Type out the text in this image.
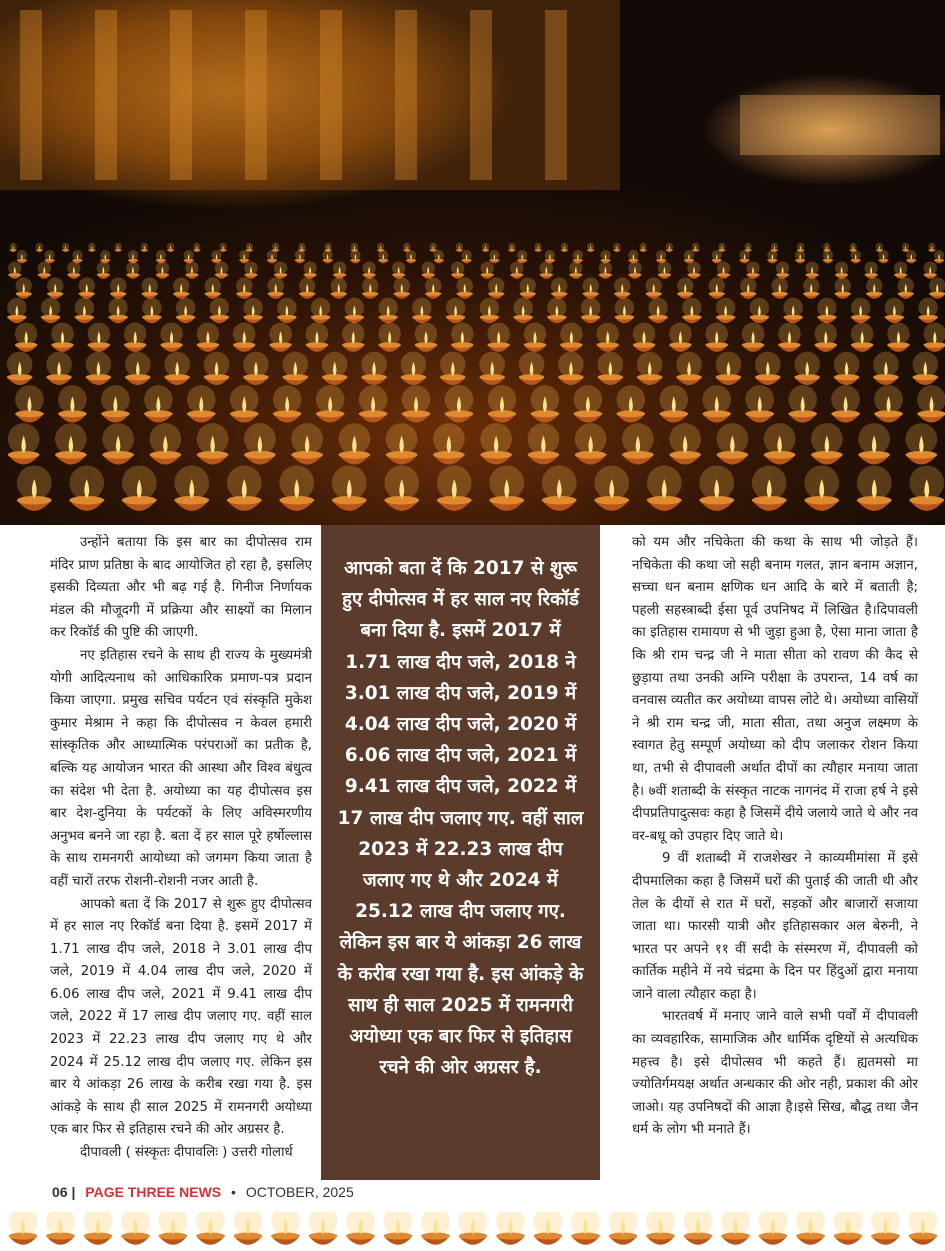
उन्होंने बताया कि इस बार का दीपोत्सव राम मंदिर प्राण प्रतिष्ठा के बाद आयोजित हो रहा है, इसलिए इसकी दिव्यता और भी बढ़ गई है. गिनीज निर्णायक मंडल की मौजूदगी में प्रक्रिया और साक्ष्यों का मिलान कर रिकॉर्ड की पुष्टि की जाएगी.

नए इतिहास रचने के साथ ही राज्य के मुख्यमंत्री योगी आदित्यनाथ को आधिकारिक प्रमाण-पत्र प्रदान किया जाएगा. प्रमुख सचिव पर्यटन एवं संस्कृति मुकेश कुमार मेश्राम ने कहा कि दीपोत्सव न केवल हमारी सांस्कृतिक और आध्यात्मिक परंपराओं का प्रतीक है, बल्कि यह आयोजन भारत की आस्था और विश्व बंधुत्व का संदेश भी देता है. अयोध्या का यह दीपोत्सव इस बार देश-दुनिया के पर्यटकों के लिए अविस्मरणीय अनुभव बनने जा रहा है. बता दें हर साल पूरे हर्षोल्लास के साथ रामनगरी आयोध्या को जगमग किया जाता है वहीं चारों तरफ रोशनी-रोशनी नजर आती है.

आपको बता दें कि 2017 से शुरू हुए दीपोत्सव में हर साल नए रिकॉर्ड बना दिया है. इसमें 2017 में 1.71 लाख दीप जले, 2018 ने 3.01 लाख दीप जले, 2019 में 4.04 लाख दीप जले, 2020 में 6.06 लाख दीप जले, 2021 में 9.41 लाख दीप जले, 2022 में 17 लाख दीप जलाए गए. वहीं साल 2023 में 22.23 लाख दीप जलाए गए थे और 2024 में 25.12 लाख दीप जलाए गए. लेकिन इस बार ये आंकड़ा 26 लाख के करीब रखा गया है. इस आंकड़े के साथ ही साल 2025 में रामनगरी अयोध्या एक बार फिर से इतिहास रचने की ओर अग्रसर है.

दीपावली ( संस्कृतः दीपावलिः ) उत्तरी गोलार्ध

आपको बता दें कि 2017 से शुरू हुए दीपोत्सव में हर साल नए रिकॉर्ड बना दिया है. इसमें 2017 में 1.71 लाख दीप जले, 2018 ने 3.01 लाख दीप जले, 2019 में 4.04 लाख दीप जले, 2020 में 6.06 लाख दीप जले, 2021 में 9.41 लाख दीप जले, 2022 में 17 लाख दीप जलाए गए. वहीं साल 2023 में 22.23 लाख दीप जलाए गए थे और 2024 में 25.12 लाख दीप जलाए गए. लेकिन इस बार ये आंकड़ा 26 लाख के करीब रखा गया है. इस आंकड़े के साथ ही साल 2025 में रामनगरी अयोध्या एक बार फिर से इतिहास रचने की ओर अग्रसर है.

को यम और नचिकेता की कथा के साथ भी जोड़ते हैं। नचिकेता की कथा जो सही बनाम गलत, ज्ञान बनाम अज्ञान, सच्चा धन बनाम क्षणिक धन आदि के बारे में बताती है; पहली सहस्त्राब्दी ईसा पूर्व उपनिषद में लिखित है।दिपावली का इतिहास रामायण से भी जुड़ा हुआ है, ऐसा माना जाता है कि श्री राम चन्द्र जी ने माता सीता को रावण की कैद से छुड़ाया तथा उनकी अग्नि परीक्षा के उपरान्त, 14 वर्ष का वनवास व्यतीत कर अयोध्या वापस लोटे थे। अयोध्या वासियों ने श्री राम चन्द्र जी, माता सीता, तथा अनुज लक्ष्मण के स्वागत हेतु सम्पूर्ण अयोध्या को दीप जलाकर रोशन किया था, तभी से दीपावली अर्थात दीपों का त्यौहार मनाया जाता है। ७वीं शताब्दी के संस्कृत नाटक नागनंद में राजा हर्ष ने इसे दीपप्रतिपादुत्सवः कहा है जिसमें दीये जलाये जाते थे और नव वर-बधू को उपहार दिए जाते थे।

9 वीं शताब्दी में राजशेखर ने काव्यमीमांसा में इसे दीपमालिका कहा है जिसमें घरों की पुताई की जाती थी और तेल के दीयों से रात में घरों, सड़कों और बाजारों सजाया जाता था। फारसी यात्री और इतिहासकार अल बेरुनी, ने भारत पर अपने ११ वीं सदी के संस्मरण में, दीपावली को कार्तिक महीने में नये चंद्रमा के दिन पर हिंदुओं द्वारा मनाया जाने वाला त्यौहार कहा है।

भारतवर्ष में मनाए जाने वाले सभी पर्वों में दीपावली का व्यवहारिक, सामाजिक और धार्मिक दृष्टियों से अत्यधिक महत्त्व है। इसे दीपोत्सव भी कहते हैं। ह्यतमसो मा ज्योतिर्गमयक्ष अर्थात अन्धकार की ओर नही, प्रकाश की ओर जाओ। यह उपनिषदों की आज्ञा है।इसे सिख, बौद्ध तथा जैन धर्म के लोग भी मनाते हैं।

06 | PAGE THREE NEWS • OCTOBER, 2025
